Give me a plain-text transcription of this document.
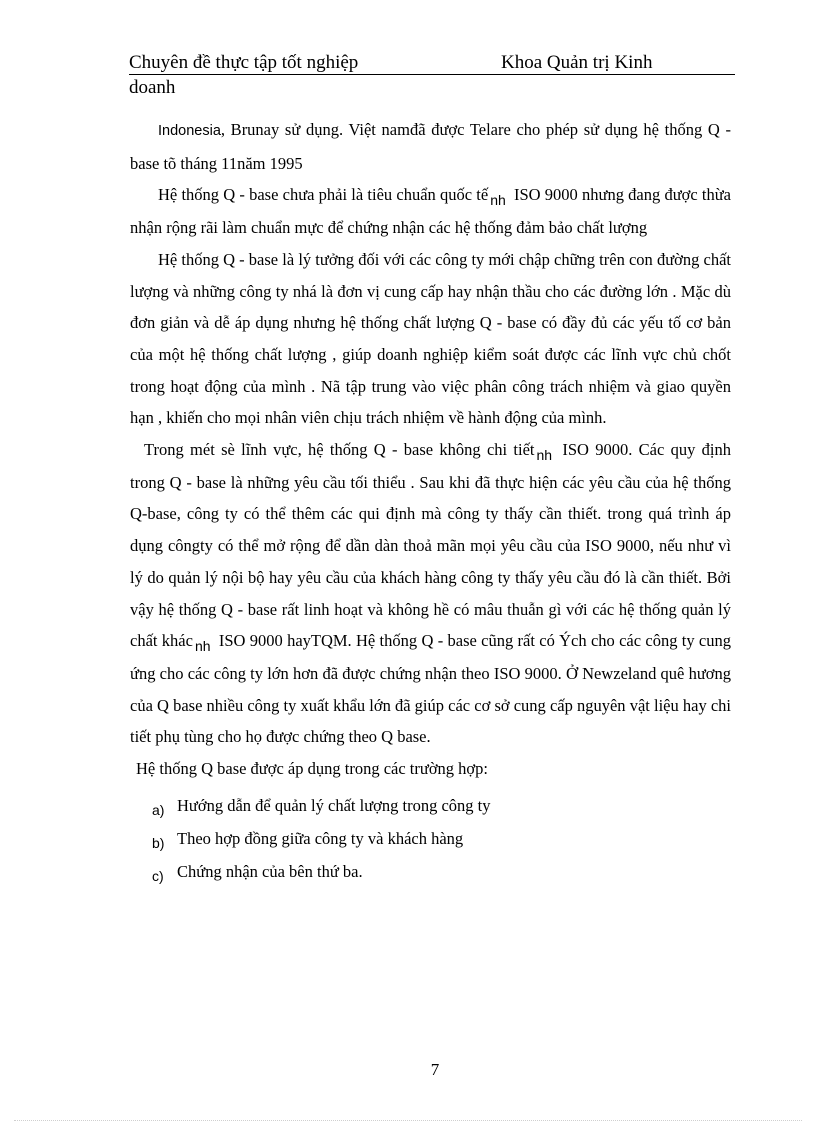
Chuyên đề thực tập tốt nghiệp	Khoa Quản trị Kinh
doanh

Indonesia, Brunay sử dụng. Việt namđã được Telare cho phép sử dụng hệ thống Q - base tõ tháng 11năm 1995

Hệ thống Q - base chưa phải là tiêu chuẩn quốc tế $_{nh}$ ISO 9000 nhưng đang được thừa nhận rộng rãi làm chuẩn mực để chứng nhận các hệ thống đảm bảo chất lượng

Hệ thống Q - base là lý tưởng đối với các công ty mới chập chững trên con đường chất lượng và những công ty nhá là đơn vị cung cấp hay nhận thầu cho các đường lớn . Mặc dù đơn giản và dễ áp dụng nhưng hệ thống chất lượng Q - base có đầy đủ các yếu tố cơ bản của một hệ thống chất lượng , giúp doanh nghiệp kiểm soát được các lĩnh vực chủ chốt trong hoạt động của mình . Nã tập trung vào việc phân công trách nhiệm và giao quyền hạn , khiến cho mọi nhân viên chịu trách nhiệm về hành động của mình.

Trong mét sè lĩnh vực, hệ thống Q - base không chi tiết $_{nh}$ ISO 9000. Các quy định trong Q - base là những yêu cầu tối thiểu . Sau khi đã thực hiện các yêu cầu của hệ thống Q-base, công ty có thể thêm các qui định mà công ty thấy cần thiết. trong quá trình áp dụng côngty có thể mở rộng để dần dàn thoả mãn mọi yêu cầu của ISO 9000, nếu như vì lý do quản lý nội bộ hay yêu cầu của khách hàng công ty thấy yêu cầu đó là cần thiết. Bởi vậy hệ thống Q - base rất linh hoạt và không hề có mâu thuẫn gì với các hệ thống quản lý chất khác $_{nh}$ ISO 9000 hayTQM. Hệ thống Q - base cũng rất có Ých cho các công ty cung ứng cho các công ty lớn hơn đã được chứng nhận theo ISO 9000. Ở Newzeland quê hương của Q base nhiều công ty xuất khẩu lớn đã giúp các cơ sở cung cấp nguyên vật liệu hay chi tiết phụ tùng cho họ được chứng theo Q base.

Hệ thống Q base được áp dụng trong các trường hợp:

a) Hướng dẫn để quản lý chất lượng trong công ty
b) Theo hợp đồng giữa công ty và khách hàng
c) Chứng nhận của bên thứ ba.
7
